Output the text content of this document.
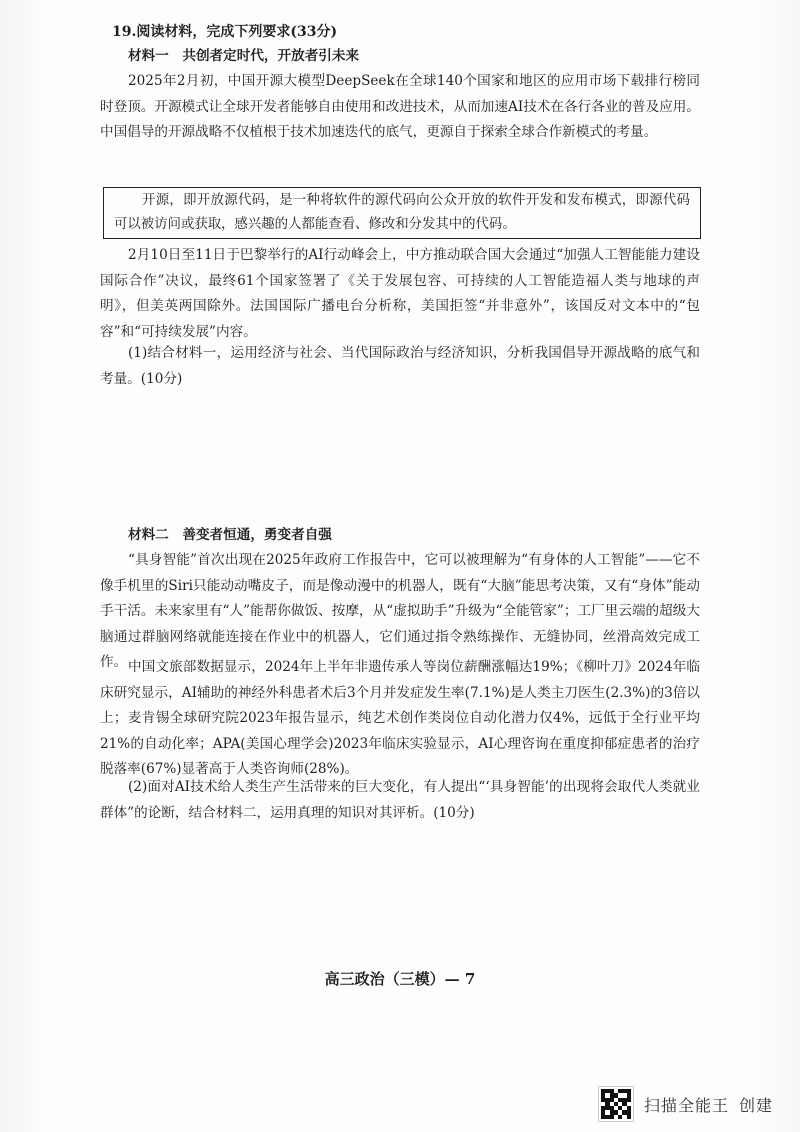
19.阅读材料，完成下列要求(33分)
材料一　共创者定时代，开放者引未来
2025年2月初，中国开源大模型DeepSeek在全球140个国家和地区的应用市场下载排行榜同时登顶。开源模式让全球开发者能够自由使用和改进技术，从而加速AI技术在各行各业的普及应用。中国倡导的开源战略不仅植根于技术加速迭代的底气，更源自于探索全球合作新模式的考量。
开源，即开放源代码，是一种将软件的源代码向公众开放的软件开发和发布模式，即源代码可以被访问或获取，感兴趣的人都能查看、修改和分发其中的代码。
2月10日至11日于巴黎举行的AI行动峰会上，中方推动联合国大会通过“加强人工智能能力建设国际合作”决议，最终61个国家签署了《关于发展包容、可持续的人工智能造福人类与地球的声明》，但美英两国除外。法国国际广播电台分析称，美国拒签“并非意外”，该国反对文本中的“包容”和“可持续发展”内容。
(1)结合材料一，运用经济与社会、当代国际政治与经济知识，分析我国倡导开源战略的底气和考量。(10分)
材料二　善变者恒通，勇变者自强
“具身智能”首次出现在2025年政府工作报告中，它可以被理解为“有身体的人工智能”——它不像手机里的Siri只能动动嘴皮子，而是像动漫中的机器人，既有“大脑”能思考决策，又有“身体”能动手干活。未来家里有“人”能帮你做饭、按摩，从“虚拟助手”升级为“全能管家”；工厂里云端的超级大脑通过群脑网络就能连接在作业中的机器人，它们通过指令熟练操作、无缝协同，丝滑高效完成工作。 中国文旅部数据显示，2024年上半年非遗传承人等岗位薪酬涨幅达19%；《柳叶刀》2024年临床研究显示，AI辅助的神经外科患者术后3个月并发症发生率(7.1%)是人类主刀医生(2.3%)的3倍以上；麦肯锡全球研究院2023年报告显示，纯艺术创作类岗位自动化潜力仅4%，远低于全行业平均21%的自动化率；APA(美国心理学会)2023年临床实验显示，AI心理咨询在重度抑郁症患者的治疗脱落率(67%)显著高于人类咨询师(28%)。
(2)面对AI技术给人类生产生活带来的巨大变化，有人提出“‘具身智能’的出现将会取代人类就业群体”的论断，结合材料二，运用真理的知识对其评析。(10分)
高三政治（三模）— 7
扫描全能王 创建
